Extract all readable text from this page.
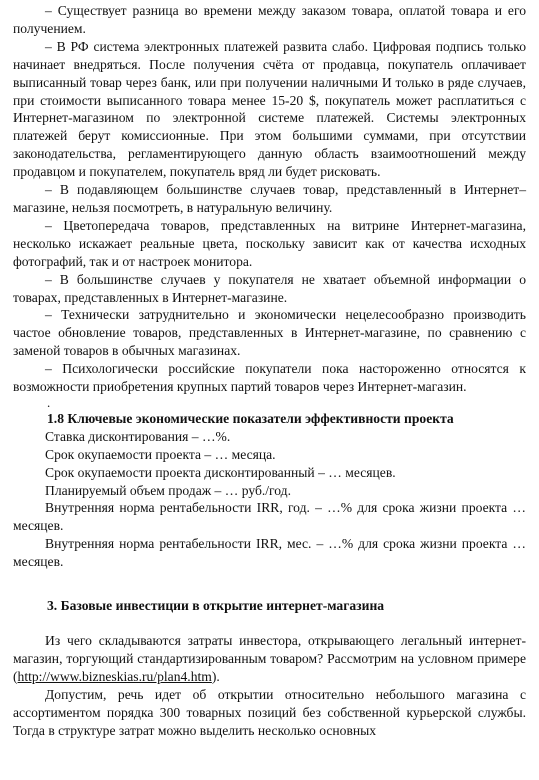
– Существует разница во времени между заказом товара, оплатой товара и его получением.

– В РФ система электронных платежей развита слабо. Цифровая подпись только начинает внедряться. После получения счёта от продавца, покупатель оплачивает выписанный товар через банк, или при получении наличными И только в ряде случаев, при стоимости выписанного товара менее 15-20 $, покупатель может расплатиться с Интернет-магазином по электронной системе платежей. Системы электронных платежей берут комиссионные. При этом большими суммами, при отсутствии законодательства, регламентирующего данную область взаимоотношений между продавцом и покупателем, покупатель вряд ли будет рисковать.

– В подавляющем большинстве случаев товар, представленный в Интернет–магазине, нельзя посмотреть, в натуральную величину.

– Цветопередача товаров, представленных на витрине Интернет-магазина, несколько искажает реальные цвета, поскольку зависит как от качества исходных фотографий, так и от настроек монитора.

– В большинстве случаев у покупателя не хватает объемной информации о товарах, представленных в Интернет-магазине.

– Технически затруднительно и экономически нецелесообразно производить частое обновление товаров, представленных в Интернет-магазине, по сравнению с заменой товаров в обычных магазинах.

– Психологически российские покупатели пока настороженно относятся к возможности приобретения крупных партий товаров через Интернет-магазин.

.

1.8 Ключевые экономические показатели эффективности проекта

Ставка дисконтирования – …%.

Срок окупаемости проекта – … месяца.

Срок окупаемости проекта дисконтированный – … месяцев.

Планируемый объем продаж – … руб./год.

Внутренняя норма рентабельности IRR, год. – …% для срока жизни проекта … месяцев.

Внутренняя норма рентабельности IRR, мес. – …% для срока жизни проекта … месяцев.

3. Базовые инвестиции в открытие интернет-магазина

Из чего складываются затраты инвестора, открывающего легальный интернет-магазин, торгующий стандартизированным товаром? Рассмотрим на условном примере (http://www.bizneskias.ru/plan4.htm).

Допустим, речь идет об открытии относительно небольшого магазина с ассортиментом порядка 300 товарных позиций без собственной курьерской службы. Тогда в структуре затрат можно выделить несколько основных
